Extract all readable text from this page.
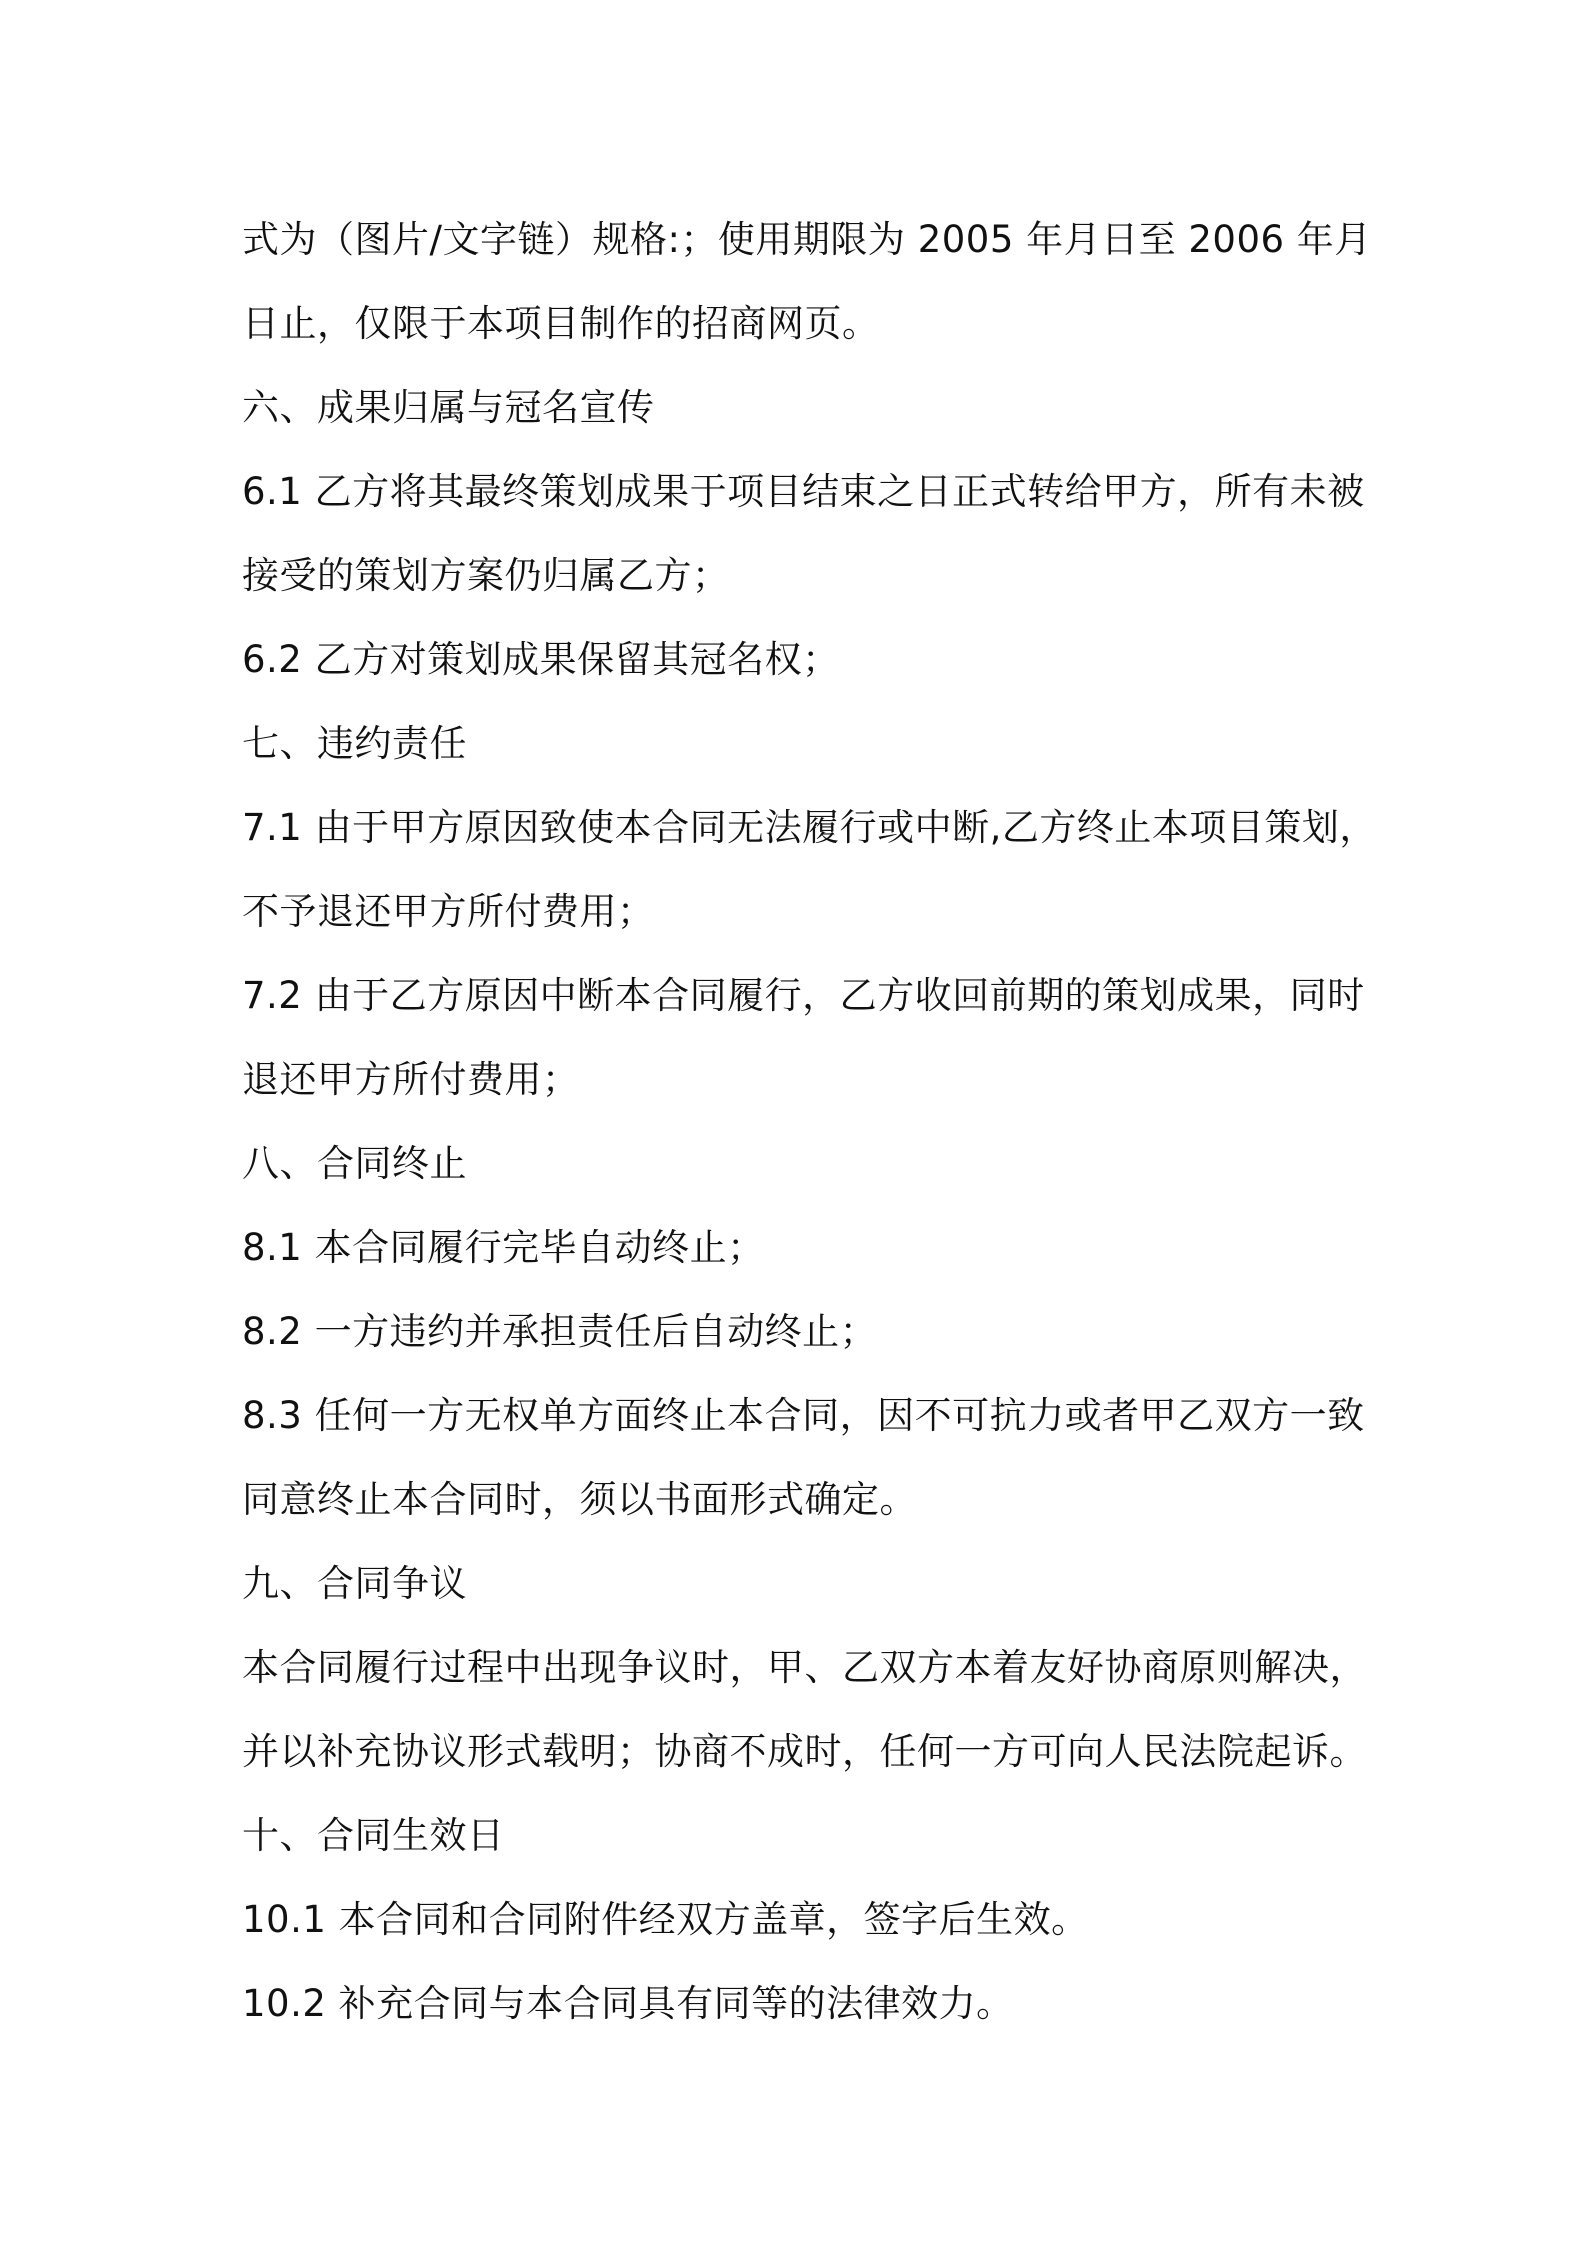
式为（图片/文字链）规格:；使用期限为 2005 年月日至 2006 年月
日止，仅限于本项目制作的招商网页。
六、成果归属与冠名宣传
6.1 乙方将其最终策划成果于项目结束之日正式转给甲方，所有未被
接受的策划方案仍归属乙方；
6.2 乙方对策划成果保留其冠名权；
七、违约责任
7.1 由于甲方原因致使本合同无法履行或中断,乙方终止本项目策划，
不予退还甲方所付费用；
7.2 由于乙方原因中断本合同履行，乙方收回前期的策划成果，同时
退还甲方所付费用；
八、合同终止
8.1 本合同履行完毕自动终止；
8.2 一方违约并承担责任后自动终止；
8.3 任何一方无权单方面终止本合同，因不可抗力或者甲乙双方一致
同意终止本合同时，须以书面形式确定。
九、合同争议
本合同履行过程中出现争议时，甲、乙双方本着友好协商原则解决，
并以补充协议形式载明；协商不成时，任何一方可向人民法院起诉。
十、合同生效日
10.1 本合同和合同附件经双方盖章，签字后生效。
10.2 补充合同与本合同具有同等的法律效力。
